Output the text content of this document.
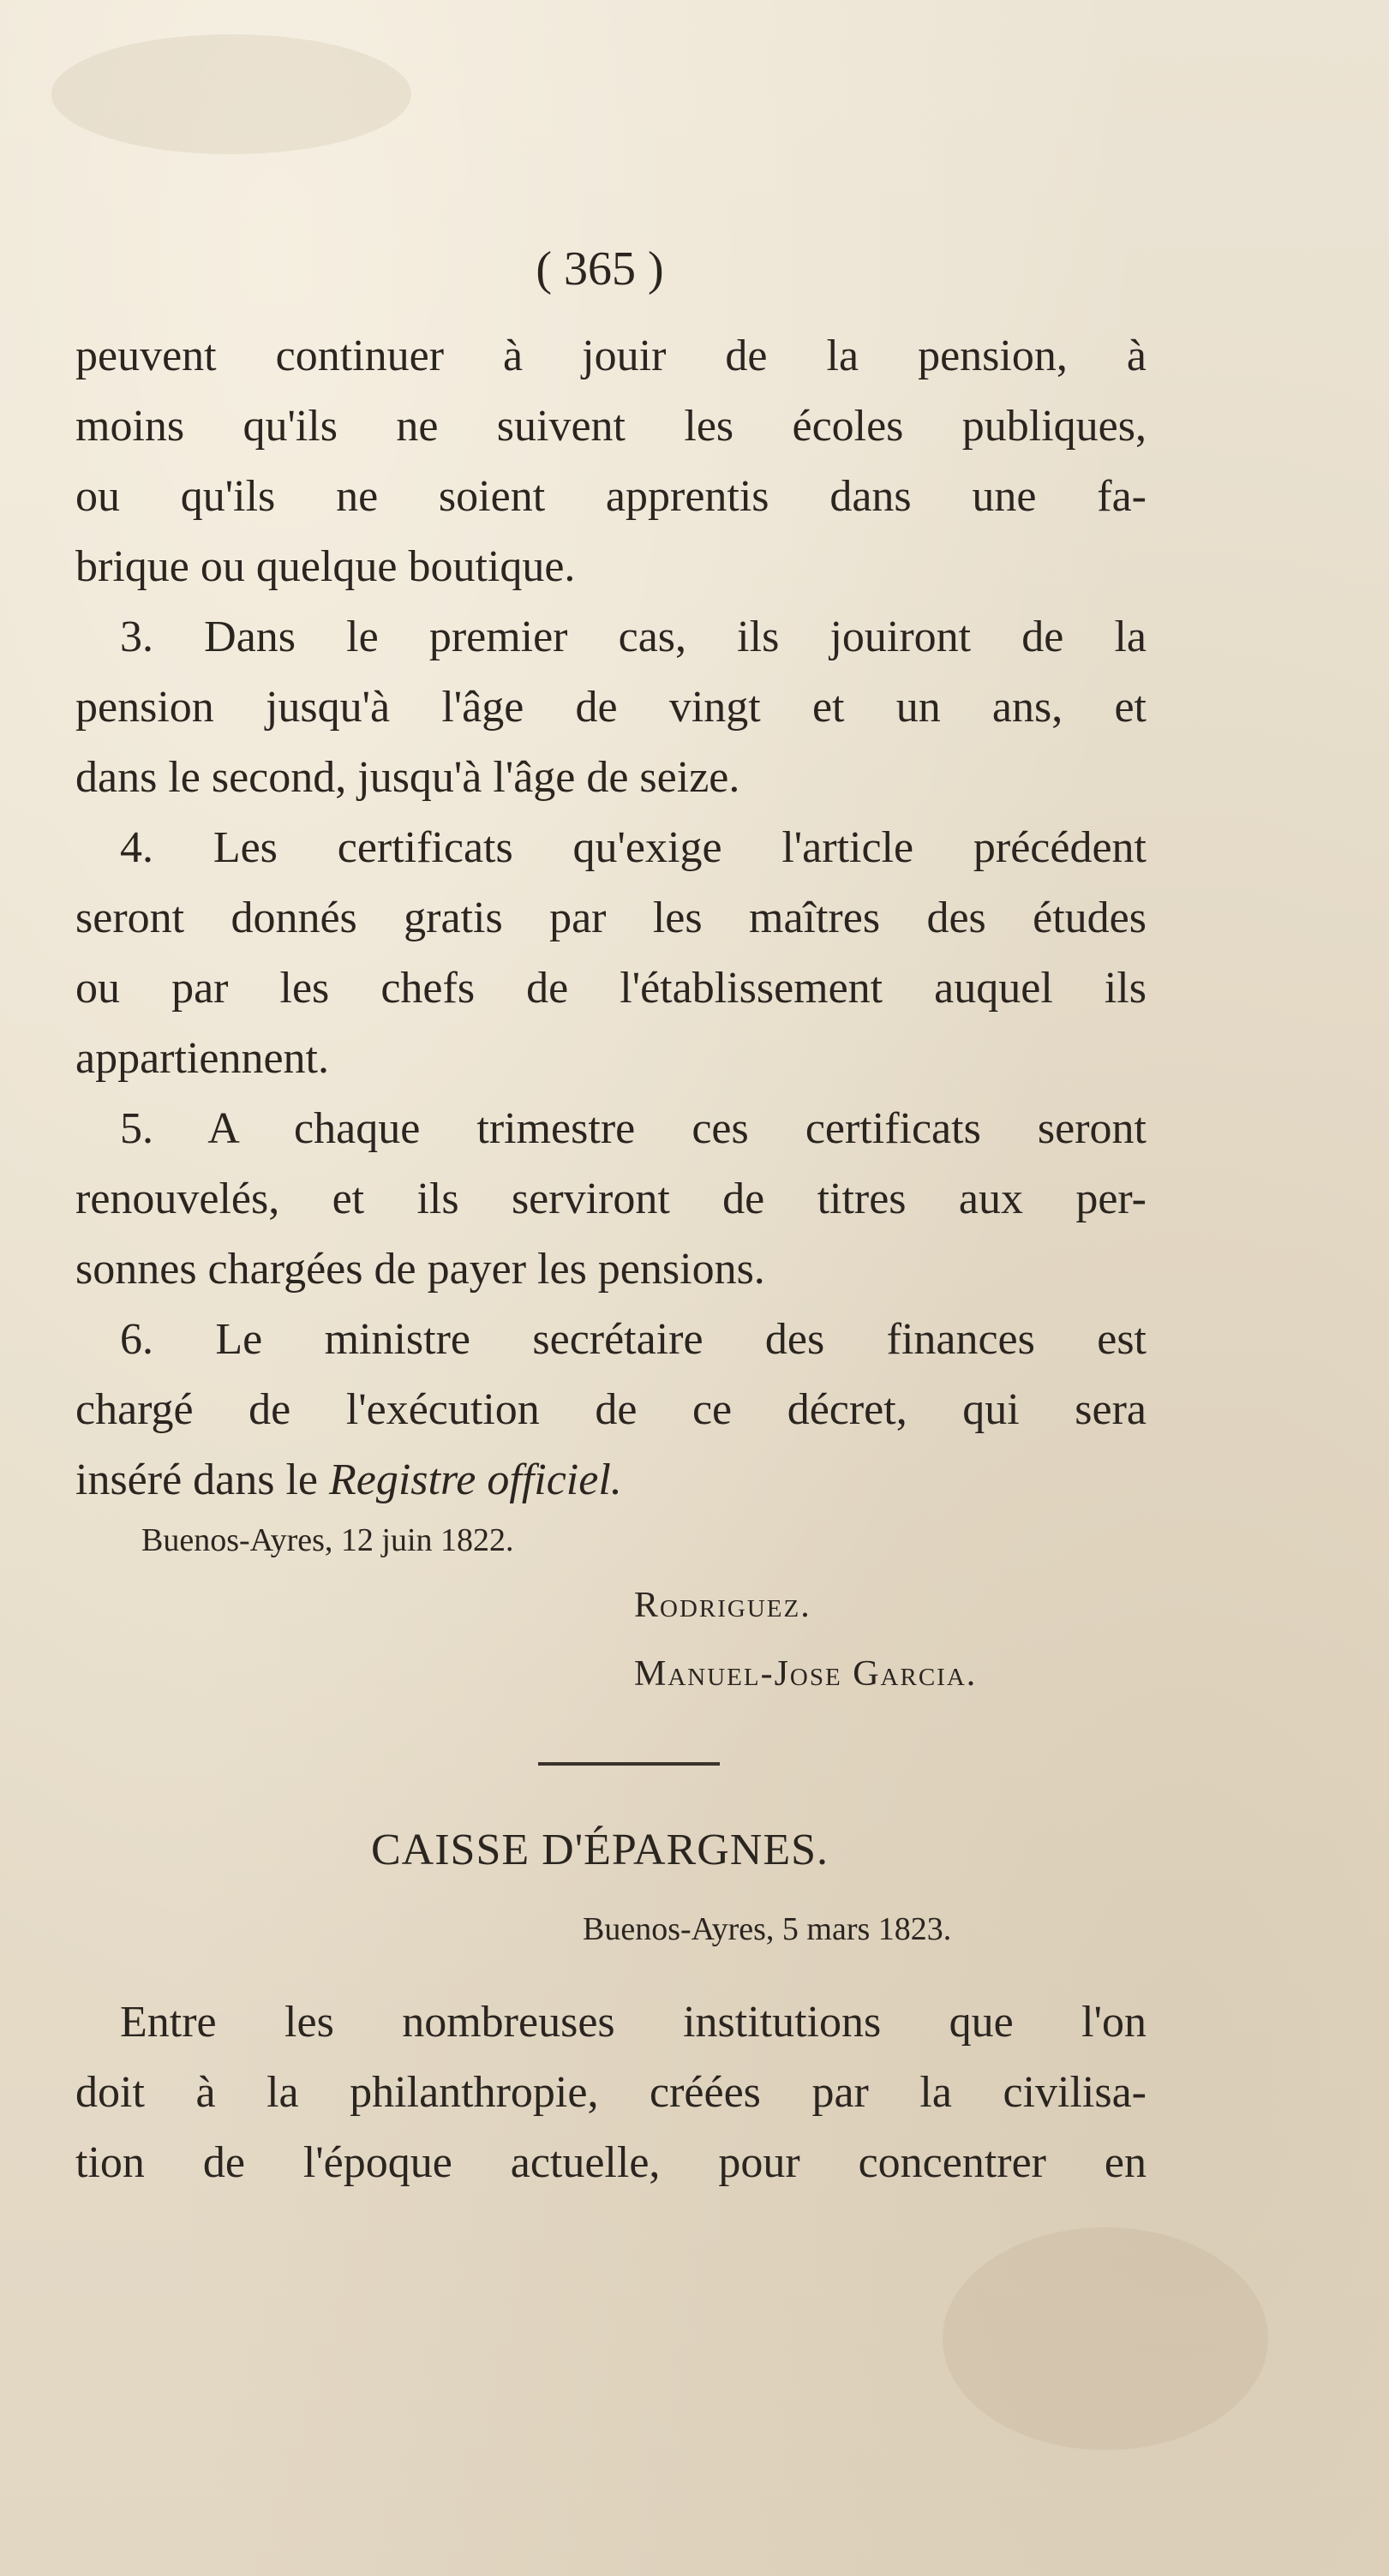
( 365 )
peuvent continuer à jouir de la pension, à
moins qu'ils ne suivent les écoles publiques,
ou qu'ils ne soient apprentis dans une fa-
brique ou quelque boutique.
3. Dans le premier cas, ils jouiront de la
pension jusqu'à l'âge de vingt et un ans, et
dans le second, jusqu'à l'âge de seize.
4. Les certificats qu'exige l'article précédent
seront donnés gratis par les maîtres des études
ou par les chefs de l'établissement auquel ils
appartiennent.
5. A chaque trimestre ces certificats seront
renouvelés, et ils serviront de titres aux per-
sonnes chargées de payer les pensions.
6. Le ministre secrétaire des finances est
chargé de l'exécution de ce décret, qui sera
inséré dans le Registre officiel.
Buenos-Ayres, 12 juin 1822.
Rodriguez.
Manuel-Jose Garcia.
CAISSE D'ÉPARGNES.
Buenos-Ayres, 5 mars 1823.
Entre les nombreuses institutions que l'on
doit à la philanthropie, créées par la civilisa-
tion de l'époque actuelle, pour concentrer en
